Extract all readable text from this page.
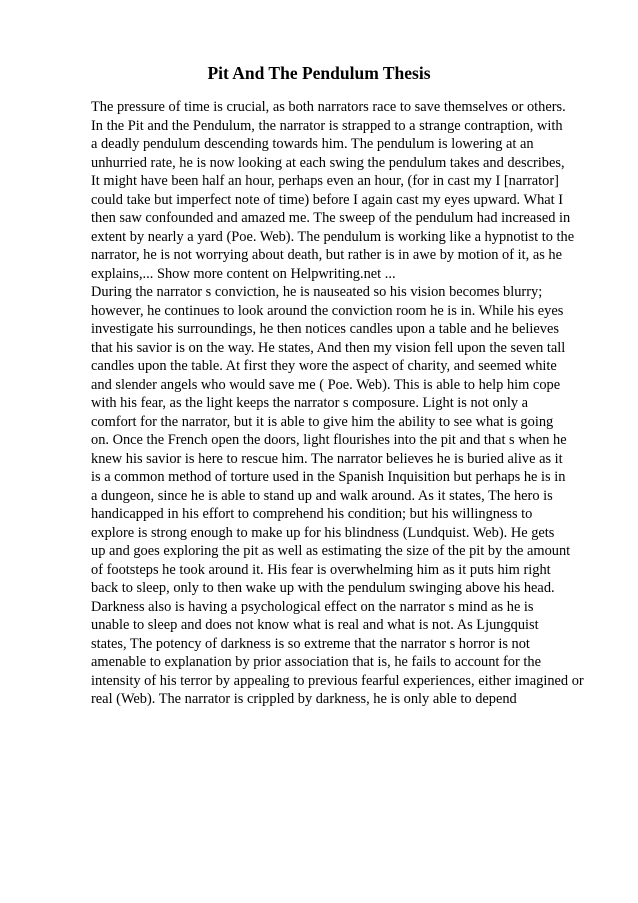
Pit And The Pendulum Thesis
The pressure of time is crucial, as both narrators race to save themselves or others.
In the Pit and the Pendulum, the narrator is strapped to a strange contraption, with
a deadly pendulum descending towards him. The pendulum is lowering at an
unhurried rate, he is now looking at each swing the pendulum takes and describes,
It might have been half an hour, perhaps even an hour, (for in cast my I [narrator]
could take but imperfect note of time) before I again cast my eyes upward. What I
then saw confounded and amazed me. The sweep of the pendulum had increased in
extent by nearly a yard (Poe. Web). The pendulum is working like a hypnotist to the
narrator, he is not worrying about death, but rather is in awe by motion of it, as he
explains,... Show more content on Helpwriting.net ...
During the narrator s conviction, he is nauseated so his vision becomes blurry;
however, he continues to look around the conviction room he is in. While his eyes
investigate his surroundings, he then notices candles upon a table and he believes
that his savior is on the way. He states, And then my vision fell upon the seven tall
candles upon the table. At first they wore the aspect of charity, and seemed white
and slender angels who would save me ( Poe. Web). This is able to help him cope
with his fear, as the light keeps the narrator s composure. Light is not only a
comfort for the narrator, but it is able to give him the ability to see what is going
on. Once the French open the doors, light flourishes into the pit and that s when he
knew his savior is here to rescue him. The narrator believes he is buried alive as it
is a common method of torture used in the Spanish Inquisition but perhaps he is in
a dungeon, since he is able to stand up and walk around. As it states, The hero is
handicapped in his effort to comprehend his condition; but his willingness to
explore is strong enough to make up for his blindness (Lundquist. Web). He gets
up and goes exploring the pit as well as estimating the size of the pit by the amount
of footsteps he took around it. His fear is overwhelming him as it puts him right
back to sleep, only to then wake up with the pendulum swinging above his head.
Darkness also is having a psychological effect on the narrator s mind as he is
unable to sleep and does not know what is real and what is not. As Ljungquist
states, The potency of darkness is so extreme that the narrator s horror is not
amenable to explanation by prior association that is, he fails to account for the
intensity of his terror by appealing to previous fearful experiences, either imagined or
real (Web). The narrator is crippled by darkness, he is only able to depend
